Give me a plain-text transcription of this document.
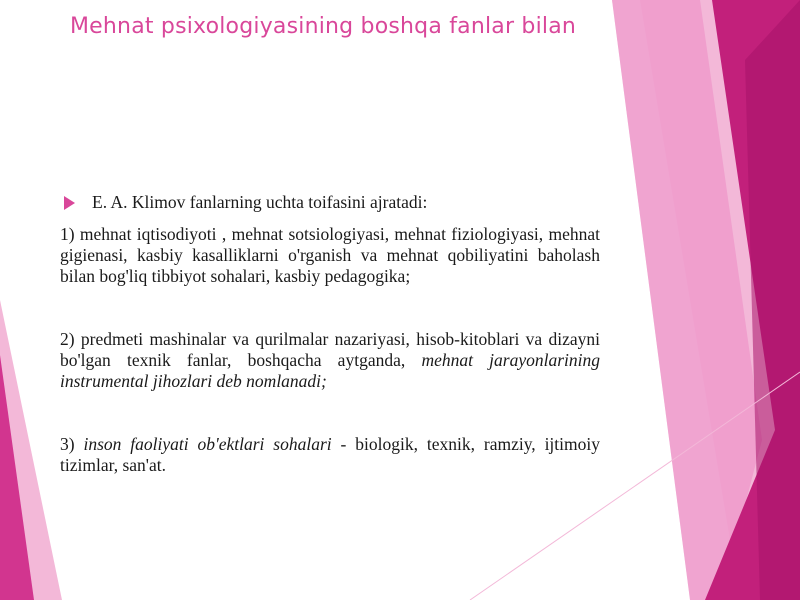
Mehnat psixologiyasining boshqa fanlar bilan
E. A. Klimov fanlarning uchta toifasini ajratadi:

1) mehnat iqtisodiyoti , mehnat sotsiologiyasi, mehnat fiziologiyasi, mehnat gigienasi, kasbiy kasalliklarni o'rganish va mehnat qobiliyatini baholash bilan bog'liq tibbiyot sohalari, kasbiy pedagogika;

2) predmeti mashinalar va qurilmalar nazariyasi, hisob-kitoblari va dizayni bo'lgan texnik fanlar, boshqacha aytganda, mehnat jarayonlarining instrumental jihozlari deb nomlanadi;

3) inson faoliyati ob'ektlari sohalari - biologik, texnik, ramziy, ijtimoiy tizimlar, san'at.
